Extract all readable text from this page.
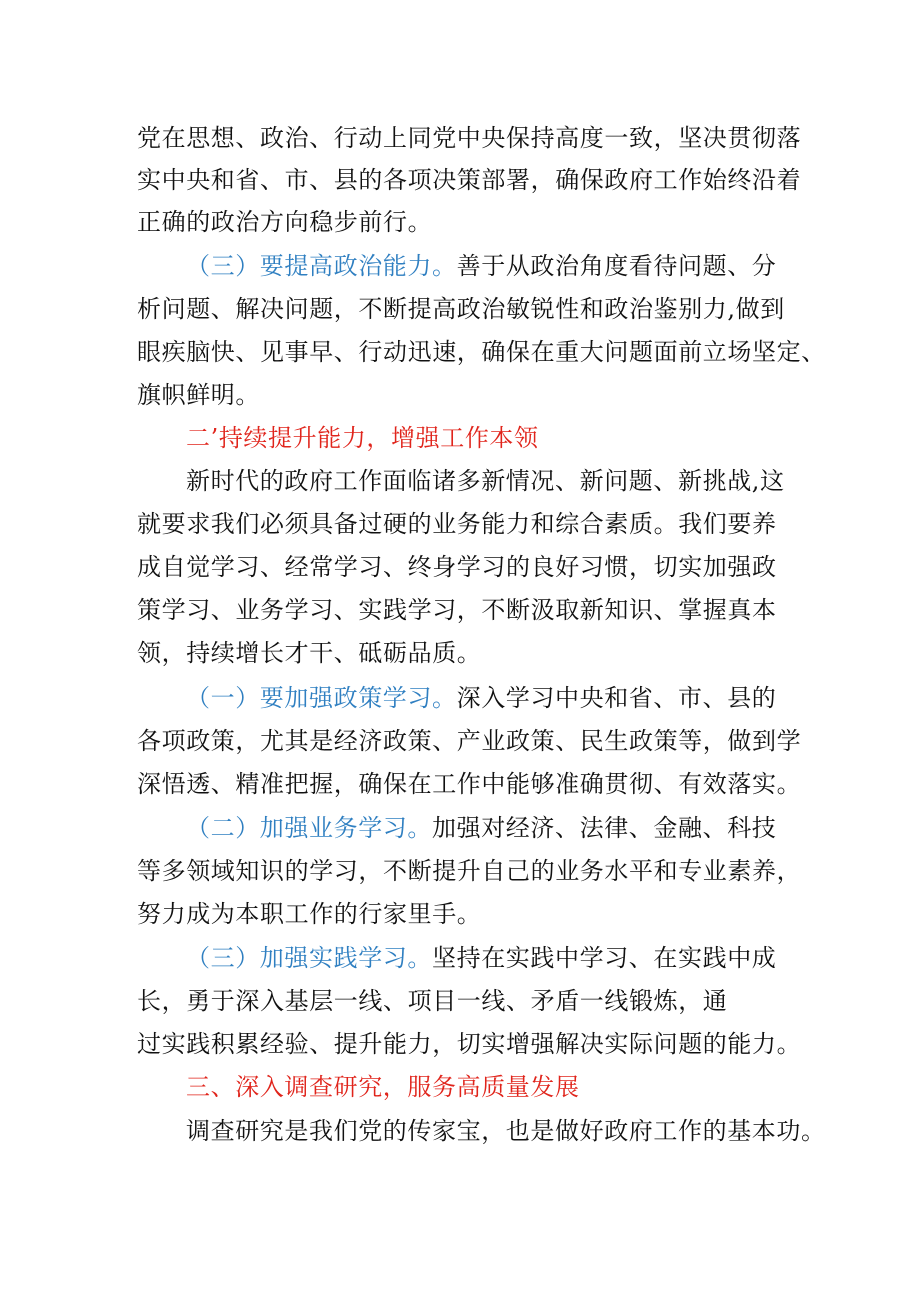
党在思想、政治、行动上同党中央保持高度一致，坚决贯彻落
实中央和省、市、县的各项决策部署，确保政府工作始终沿着
正确的政治方向稳步前行。
（三）要提高政治能力。善于从政治角度看待问题、分
析问题、解决问题，不断提高政治敏锐性和政治鉴别力,做到
眼疾脑快、见事早、行动迅速，确保在重大问题面前立场坚定、
旗帜鲜明。
二’持续提升能力，增强工作本领
新时代的政府工作面临诸多新情况、新问题、新挑战,这
就要求我们必须具备过硬的业务能力和综合素质。我们要养
成自觉学习、经常学习、终身学习的良好习惯，切实加强政
策学习、业务学习、实践学习，不断汲取新知识、掌握真本
领，持续增长才干、砥砺品质。
（一）要加强政策学习。深入学习中央和省、市、县的
各项政策，尤其是经济政策、产业政策、民生政策等，做到学
深悟透、精准把握，确保在工作中能够准确贯彻、有效落实。
（二）加强业务学习。加强对经济、法律、金融、科技
等多领域知识的学习，不断提升自己的业务水平和专业素养，
努力成为本职工作的行家里手。
（三）加强实践学习。坚持在实践中学习、在实践中成
长，勇于深入基层一线、项目一线、矛盾一线锻炼，通
过实践积累经验、提升能力，切实增强解决实际问题的能力。
三、深入调查研究，服务高质量发展
调查研究是我们党的传家宝，也是做好政府工作的基本功。
